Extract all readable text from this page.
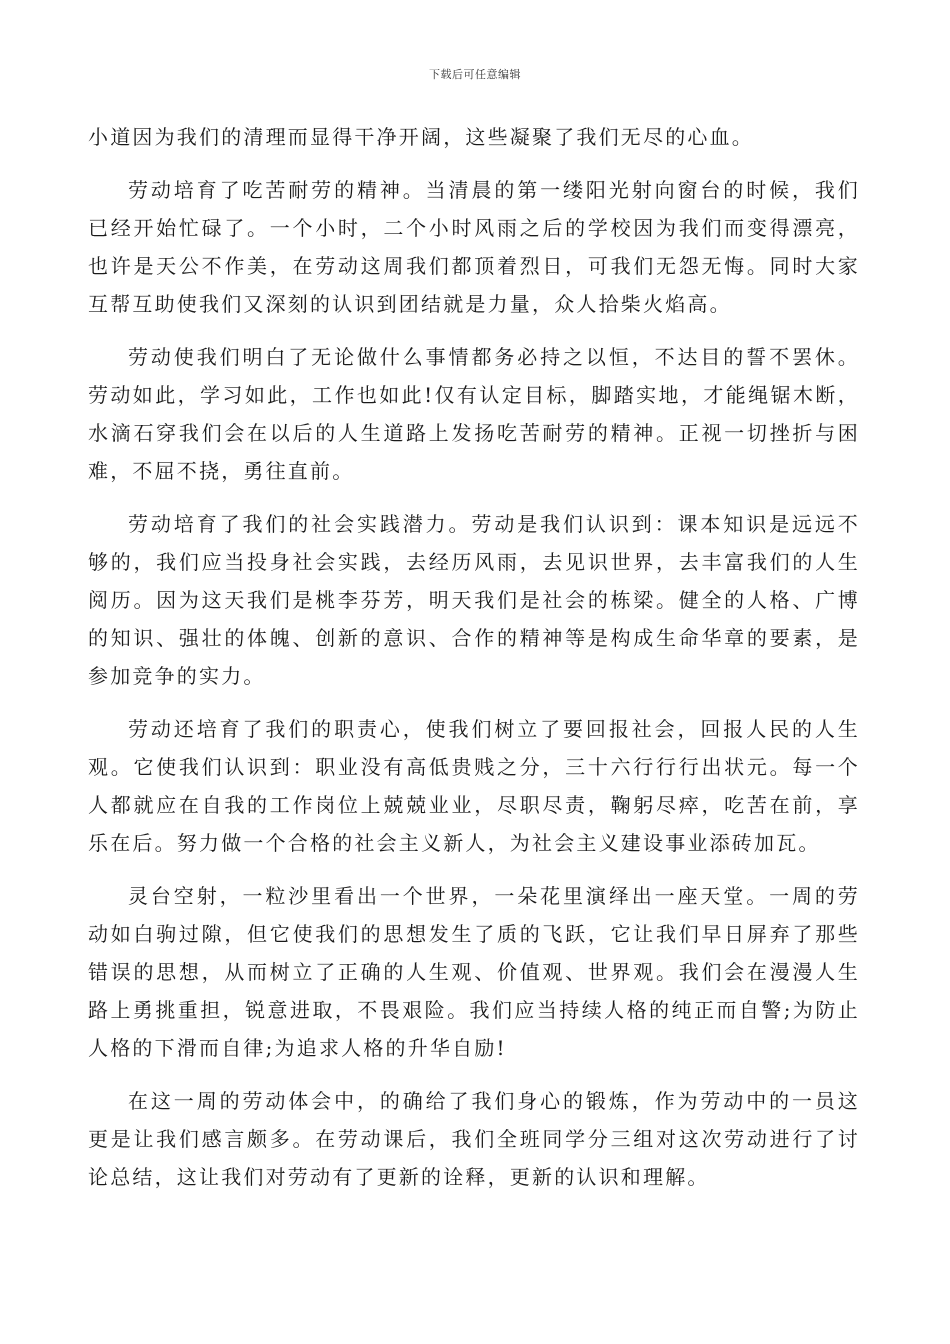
下载后可任意编辑

小道因为我们的清理而显得干净开阔，这些凝聚了我们无尽的心血。

劳动培育了吃苦耐劳的精神。当清晨的第一缕阳光射向窗台的时候，我们已经开始忙碌了。一个小时，二个小时风雨之后的学校因为我们而变得漂亮，也许是天公不作美，在劳动这周我们都顶着烈日，可我们无怨无悔。同时大家互帮互助使我们又深刻的认识到团结就是力量，众人拾柴火焰高。

劳动使我们明白了无论做什么事情都务必持之以恒，不达目的誓不罢休。劳动如此，学习如此，工作也如此!仅有认定目标，脚踏实地，才能绳锯木断，水滴石穿我们会在以后的人生道路上发扬吃苦耐劳的精神。正视一切挫折与困难，不屈不挠，勇往直前。

劳动培育了我们的社会实践潜力。劳动是我们认识到：课本知识是远远不够的，我们应当投身社会实践，去经历风雨，去见识世界，去丰富我们的人生阅历。因为这天我们是桃李芬芳，明天我们是社会的栋梁。健全的人格、广博的知识、强壮的体魄、创新的意识、合作的精神等是构成生命华章的要素，是参加竞争的实力。

劳动还培育了我们的职责心，使我们树立了要回报社会，回报人民的人生观。它使我们认识到：职业没有高低贵贱之分，三十六行行行出状元。每一个人都就应在自我的工作岗位上兢兢业业，尽职尽责，鞠躬尽瘁，吃苦在前，享乐在后。努力做一个合格的社会主义新人，为社会主义建设事业添砖加瓦。

灵台空射，一粒沙里看出一个世界，一朵花里演绎出一座天堂。一周的劳动如白驹过隙，但它使我们的思想发生了质的飞跃，它让我们早日屏弃了那些错误的思想，从而树立了正确的人生观、价值观、世界观。我们会在漫漫人生路上勇挑重担，锐意进取，不畏艰险。我们应当持续人格的纯正而自警;为防止人格的下滑而自律;为追求人格的升华自励!

在这一周的劳动体会中，的确给了我们身心的锻炼，作为劳动中的一员这更是让我们感言颇多。在劳动课后，我们全班同学分三组对这次劳动进行了讨论总结，这让我们对劳动有了更新的诠释，更新的认识和理解。
